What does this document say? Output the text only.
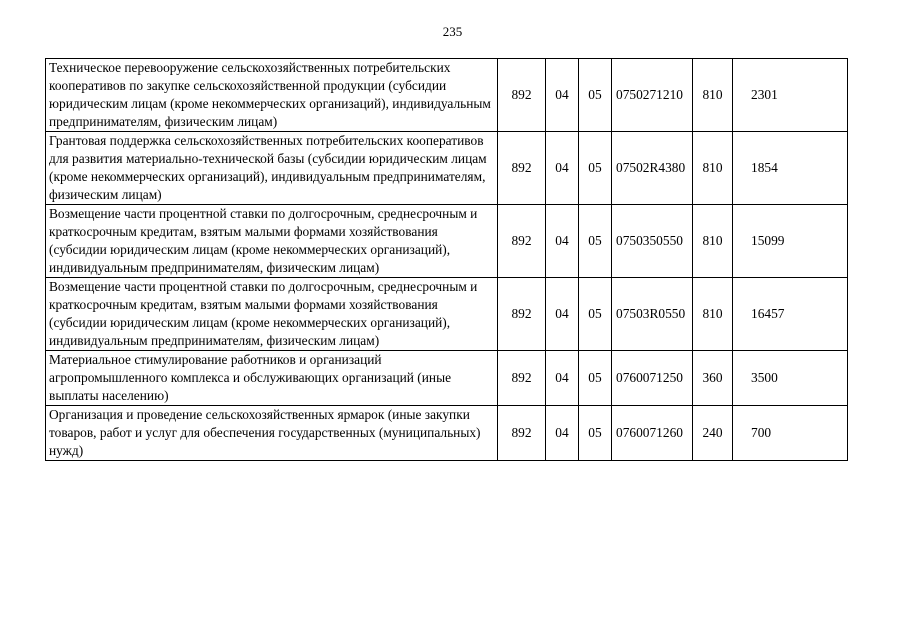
235
Техническое перевооружение сельскохозяйственных потребительских кооперативов по закупке сельскохозяйственной продукции (субсидии юридическим лицам (кроме некоммерческих организаций), индивидуальным предпринимателям, физическим лицам)	892	04	05	0750271210	810	2301
Грантовая поддержка сельскохозяйственных потребительских кооперативов для развития материально-технической базы (субсидии юридическим лицам (кроме некоммерческих организаций), индивидуальным предпринимателям, физическим лицам)	892	04	05	07502R4380	810	1854
Возмещение части процентной ставки по долгосрочным, среднесрочным и краткосрочным кредитам, взятым малыми формами хозяйствования (субсидии юридическим лицам (кроме некоммерческих организаций), индивидуальным предпринимателям, физическим лицам)	892	04	05	0750350550	810	15099
Возмещение части процентной ставки по долгосрочным, среднесрочным и краткосрочным кредитам, взятым малыми формами хозяйствования (субсидии юридическим лицам (кроме некоммерческих организаций), индивидуальным предпринимателям, физическим лицам)	892	04	05	07503R0550	810	16457
Материальное стимулирование работников и организаций агропромышленного комплекса и обслуживающих организаций (иные выплаты населению)	892	04	05	0760071250	360	3500
Организация и проведение сельскохозяйственных ярмарок (иные закупки товаров, работ и услуг для обеспечения государственных (муниципальных) нужд)	892	04	05	0760071260	240	700
